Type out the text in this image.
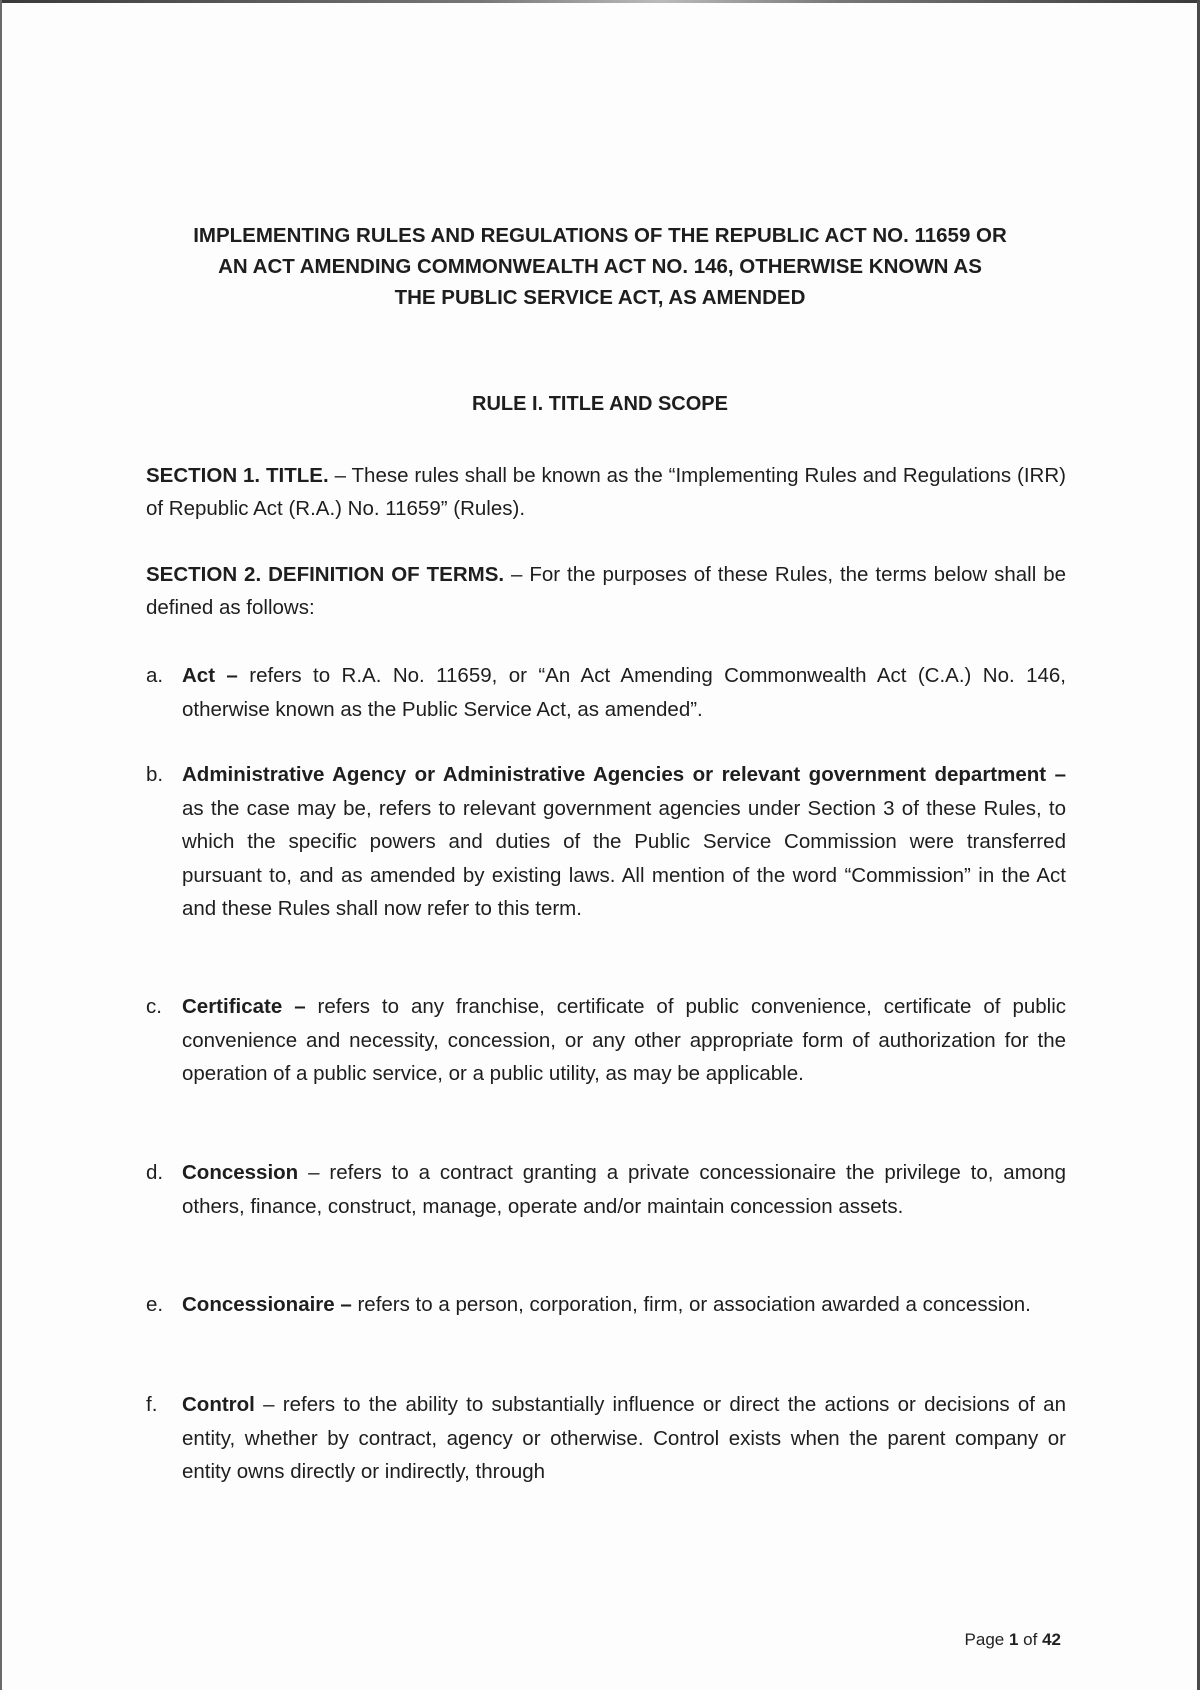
IMPLEMENTING RULES AND REGULATIONS OF THE REPUBLIC ACT NO. 11659 OR
AN ACT AMENDING COMMONWEALTH ACT NO. 146, OTHERWISE KNOWN AS
THE PUBLIC SERVICE ACT, AS AMENDED
RULE I. TITLE AND SCOPE
SECTION 1. TITLE. – These rules shall be known as the “Implementing Rules and Regulations (IRR) of Republic Act (R.A.) No. 11659” (Rules).
SECTION 2. DEFINITION OF TERMS. – For the purposes of these Rules, the terms below shall be defined as follows:
a. Act – refers to R.A. No. 11659, or “An Act Amending Commonwealth Act (C.A.) No. 146, otherwise known as the Public Service Act, as amended”.
b. Administrative Agency or Administrative Agencies or relevant government department – as the case may be, refers to relevant government agencies under Section 3 of these Rules, to which the specific powers and duties of the Public Service Commission were transferred pursuant to, and as amended by existing laws. All mention of the word “Commission” in the Act and these Rules shall now refer to this term.
c. Certificate – refers to any franchise, certificate of public convenience, certificate of public convenience and necessity, concession, or any other appropriate form of authorization for the operation of a public service, or a public utility, as may be applicable.
d. Concession – refers to a contract granting a private concessionaire the privilege to, among others, finance, construct, manage, operate and/or maintain concession assets.
e. Concessionaire – refers to a person, corporation, firm, or association awarded a concession.
f.	Control – refers to the ability to substantially influence or direct the actions or decisions of an entity, whether by contract, agency or otherwise. Control exists when the parent company or entity owns directly or indirectly, through
Page 1 of 42
